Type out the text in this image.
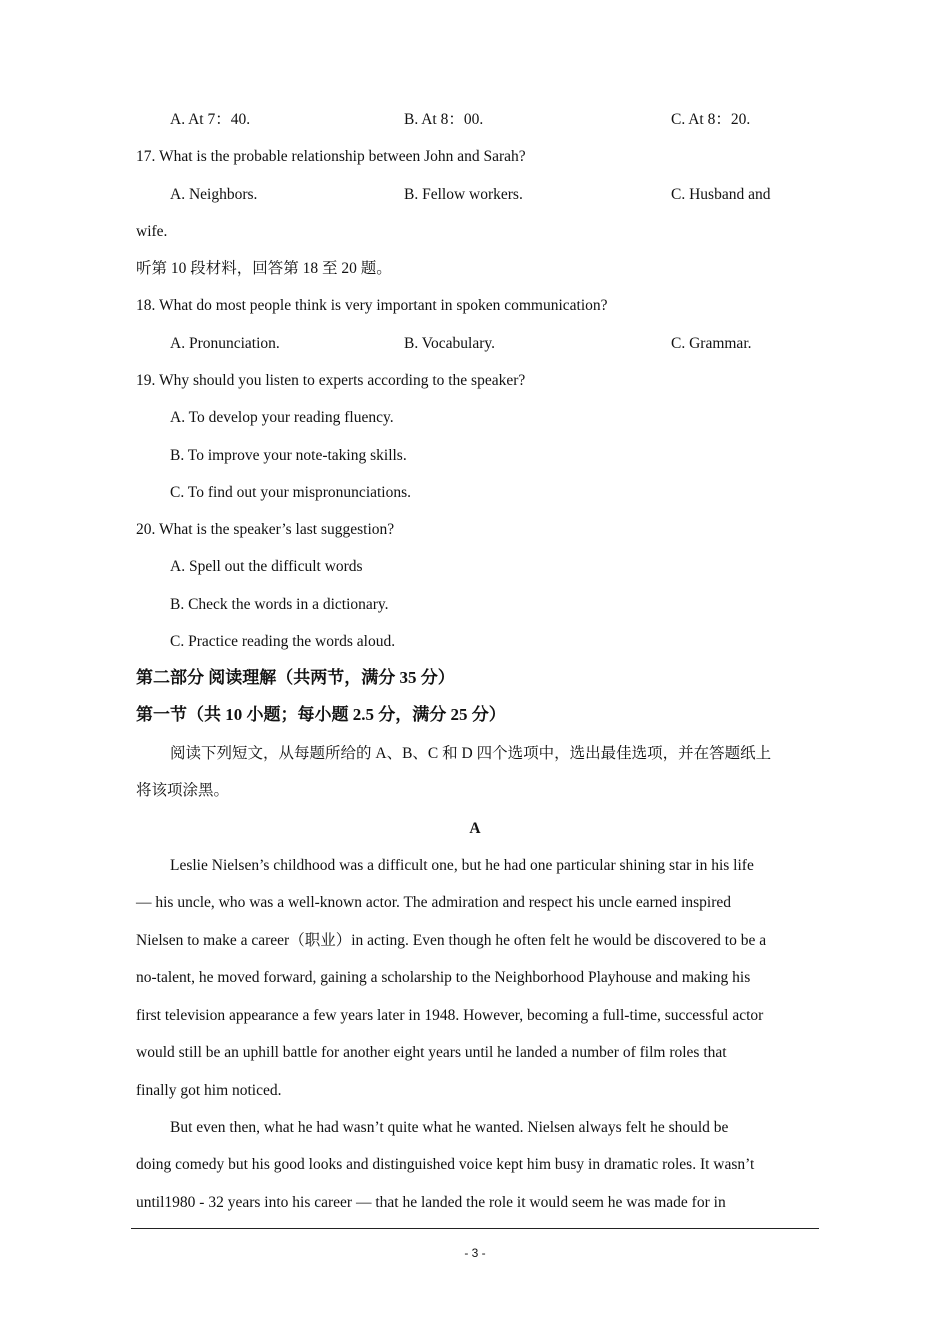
A. At 7：40.	B. At 8：00.	C. At 8：20.
17. What is the probable relationship between John and Sarah?
A. Neighbors.	B. Fellow workers.	C. Husband and
wife.
听第 10 段材料，回答第 18 至 20 题。
18. What do most people think is very important in spoken communication?
A. Pronunciation.	B. Vocabulary.	C. Grammar.
19. Why should you listen to experts according to the speaker?
A. To develop your reading fluency.
B. To improve your note-taking skills.
C. To find out your mispronunciations.
20. What is the speaker’s last suggestion?
A. Spell out the difficult words
B. Check the words in a dictionary.
C. Practice reading the words aloud.
第二部分 阅读理解（共两节，满分 35 分）
第一节（共 10 小题；每小题 2.5 分，满分 25 分）
阅读下列短文，从每题所给的 A、B、C 和 D 四个选项中，选出最佳选项，并在答题纸上
将该项涂黑。
A
Leslie Nielsen’s childhood was a difficult one, but he had one particular shining star in his life
— his uncle, who was a well-known actor. The admiration and respect his uncle earned inspired
Nielsen to make a career（职业）in acting. Even though he often felt he would be discovered to be a
no-talent, he moved forward, gaining a scholarship to the Neighborhood Playhouse and making his
first television appearance a few years later in 1948. However, becoming a full-time, successful actor
would still be an uphill battle for another eight years until he landed a number of film roles that
finally got him noticed.
But even then, what he had wasn’t quite what he wanted. Nielsen always felt he should be
doing comedy but his good looks and distinguished voice kept him busy in dramatic roles. It wasn’t
until1980 - 32 years into his career — that he landed the role it would seem he was made for in
- 3 -
